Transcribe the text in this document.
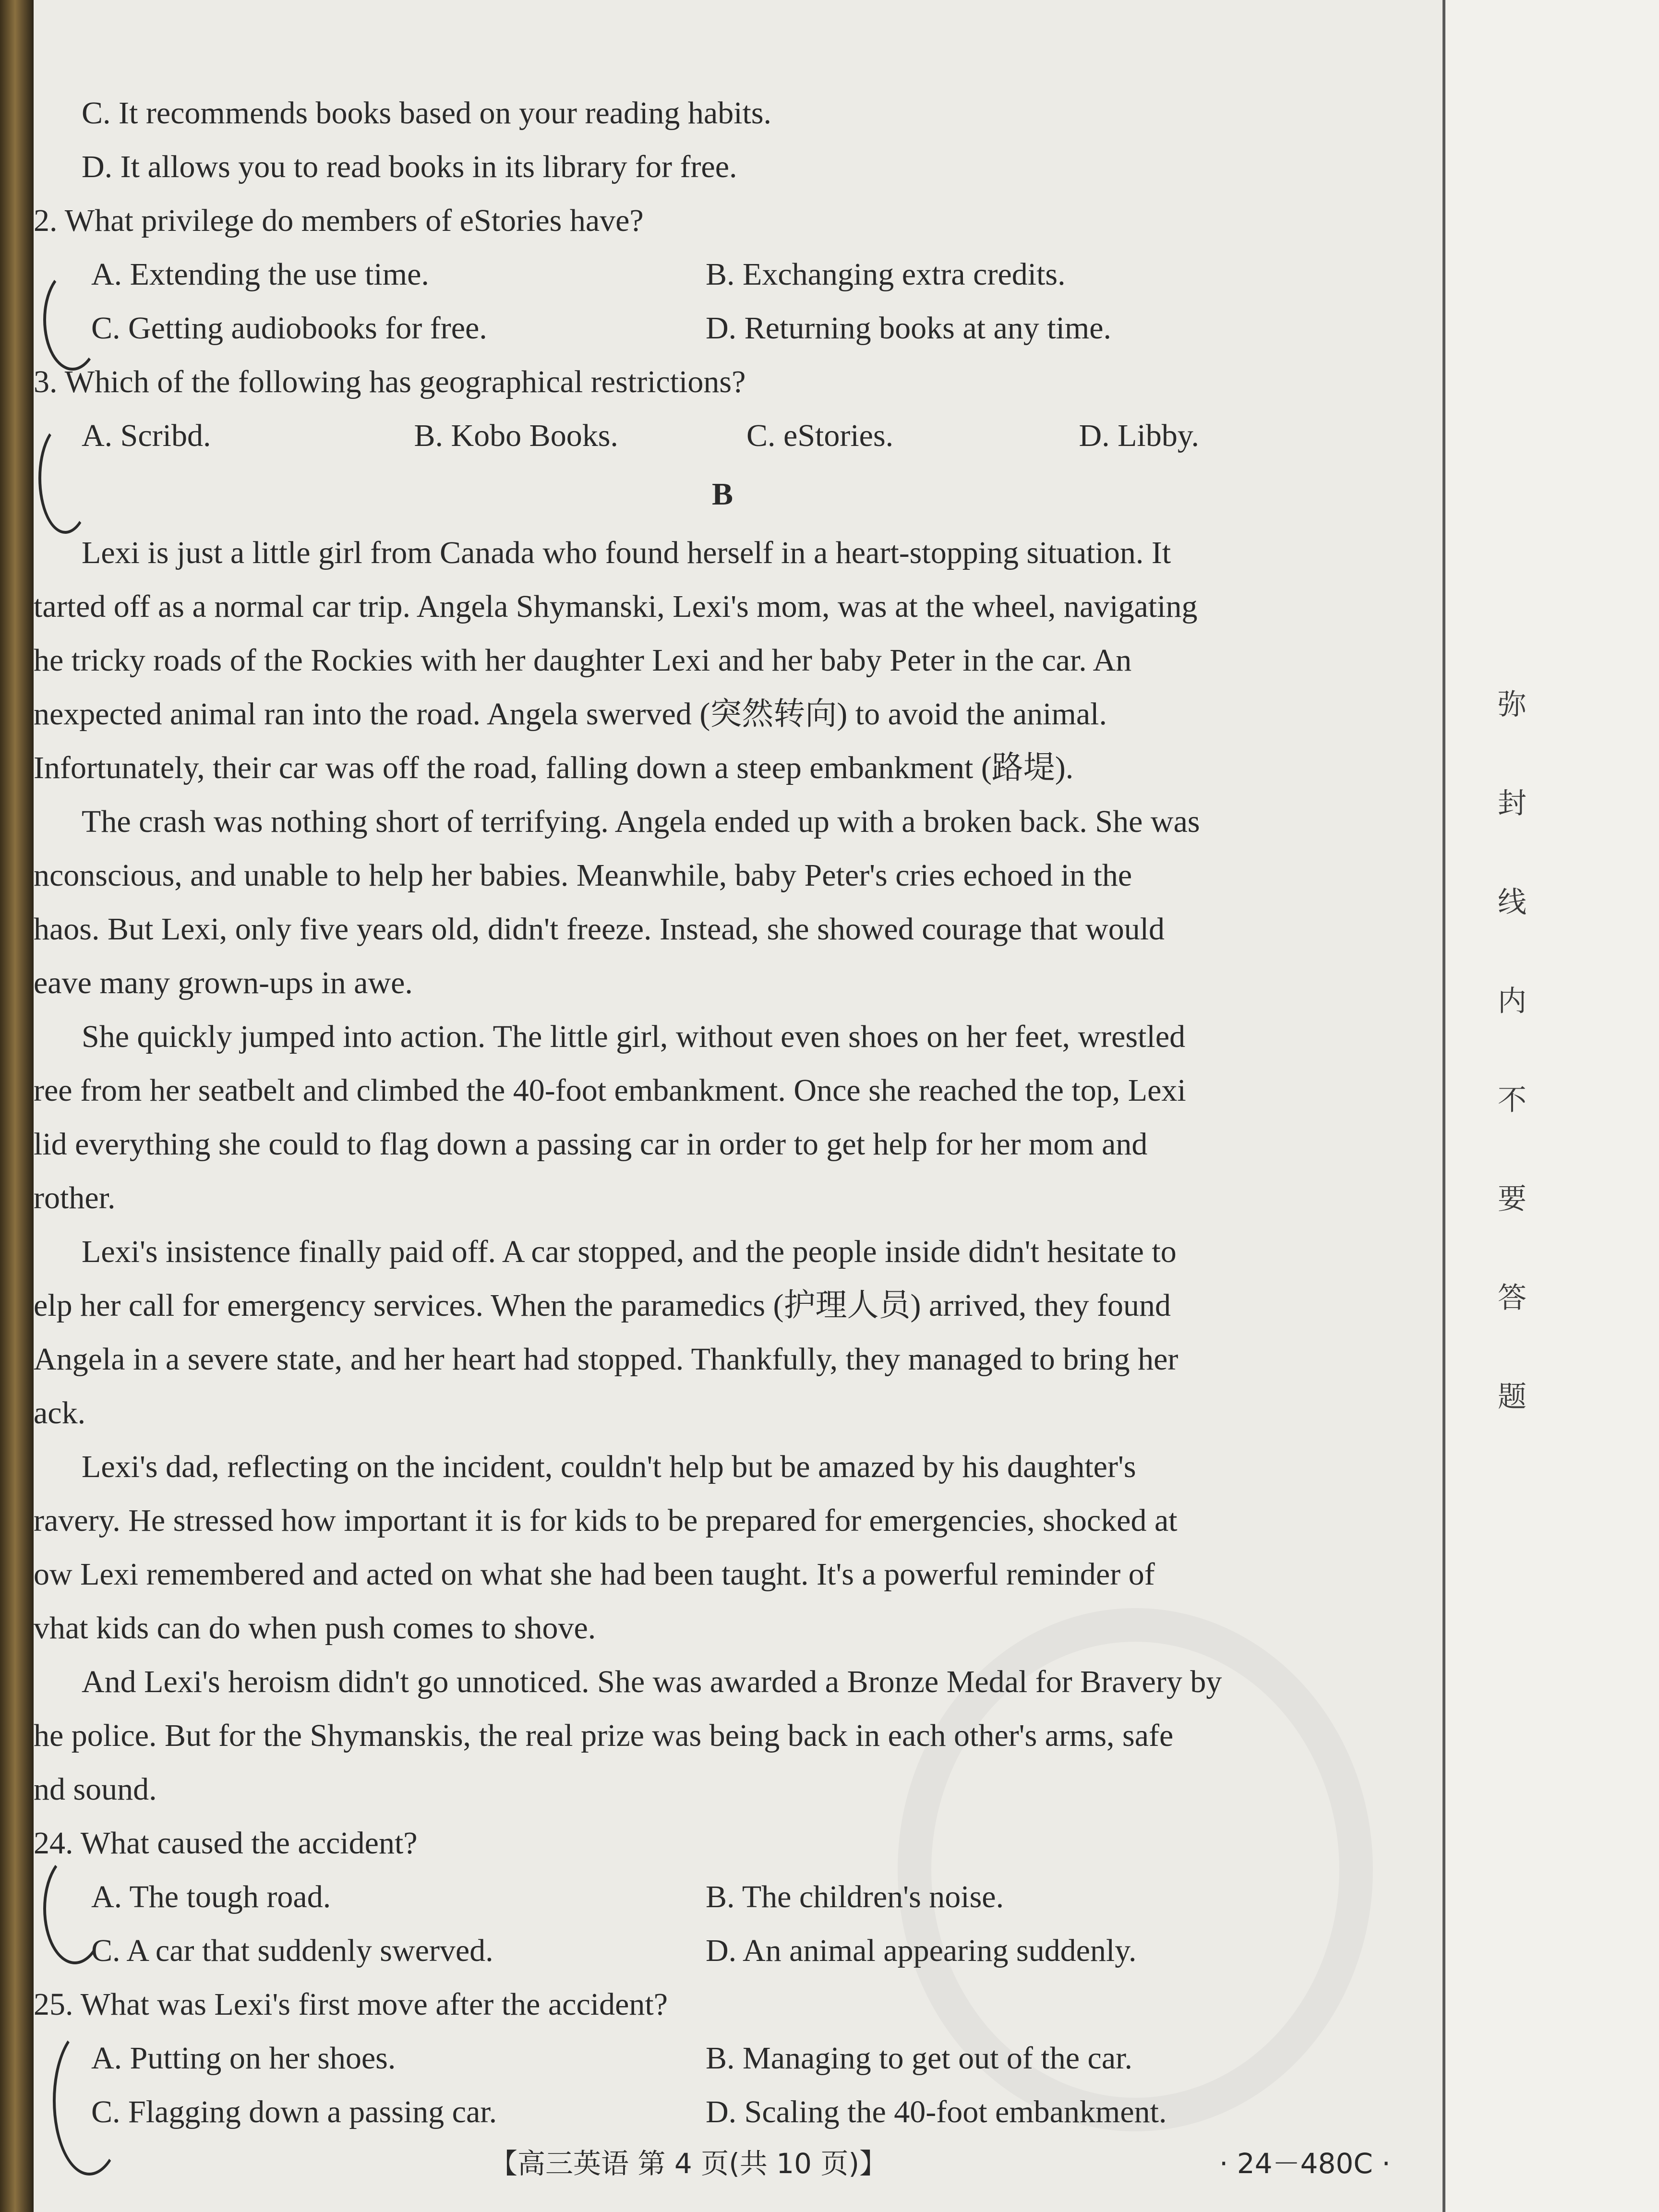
弥
封
线
内
不
要
答
题
C. It recommends books based on your reading habits.
D. It allows you to read books in its library for free.
2. What privilege do members of eStories have?
A. Extending the use time.	B. Exchanging extra credits.
C. Getting audiobooks for free.	D. Returning books at any time.
3. Which of the following has geographical restrictions?
A. Scribd.	B. Kobo Books.	C. eStories.	D. Libby.
B
Lexi is just a little girl from Canada who found herself in a heart-stopping situation. It
tarted off as a normal car trip. Angela Shymanski, Lexi's mom, was at the wheel, navigating
he tricky roads of the Rockies with her daughter Lexi and her baby Peter in the car. An
nexpected animal ran into the road. Angela swerved (突然转向) to avoid the animal.
Infortunately, their car was off the road, falling down a steep embankment (路堤).
The crash was nothing short of terrifying. Angela ended up with a broken back. She was
nconscious, and unable to help her babies. Meanwhile, baby Peter's cries echoed in the
haos. But Lexi, only five years old, didn't freeze. Instead, she showed courage that would
eave many grown-ups in awe.
She quickly jumped into action. The little girl, without even shoes on her feet, wrestled
ree from her seatbelt and climbed the 40-foot embankment. Once she reached the top, Lexi
lid everything she could to flag down a passing car in order to get help for her mom and
rother.
Lexi's insistence finally paid off. A car stopped, and the people inside didn't hesitate to
elp her call for emergency services. When the paramedics (护理人员) arrived, they found
Angela in a severe state, and her heart had stopped. Thankfully, they managed to bring her
ack.
Lexi's dad, reflecting on the incident, couldn't help but be amazed by his daughter's
ravery. He stressed how important it is for kids to be prepared for emergencies, shocked at
ow Lexi remembered and acted on what she had been taught. It's a powerful reminder of
vhat kids can do when push comes to shove.
And Lexi's heroism didn't go unnoticed. She was awarded a Bronze Medal for Bravery by
he police. But for the Shymanskis, the real prize was being back in each other's arms, safe
nd sound.
24. What caused the accident?
A. The tough road.	B. The children's noise.
C. A car that suddenly swerved.	D. An animal appearing suddenly.
25. What was Lexi's first move after the accident?
A. Putting on her shoes.	B. Managing to get out of the car.
C. Flagging down a passing car.	D. Scaling the 40-foot embankment.
【高三英语 第 4 页(共 10 页)】	· 24－480C ·
